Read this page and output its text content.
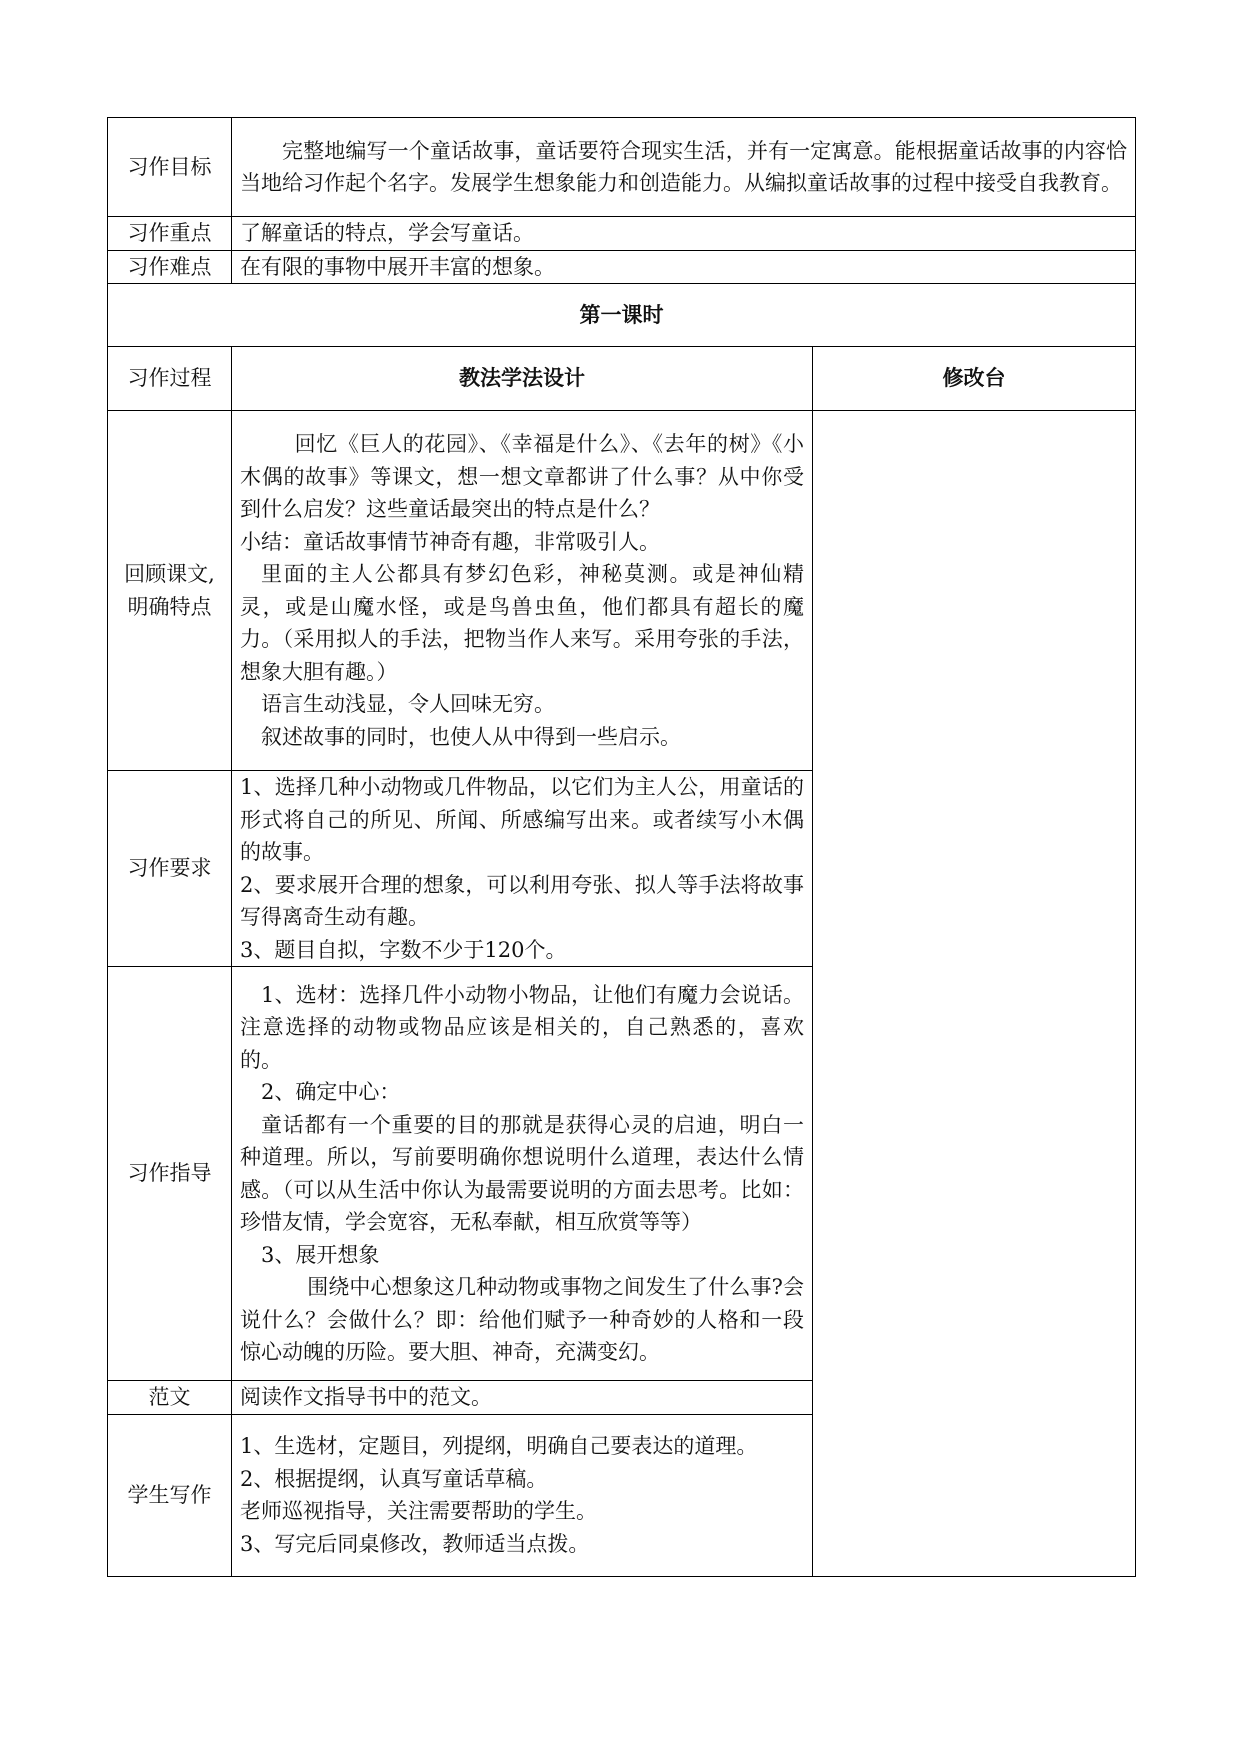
习作目标	完整地编写一个童话故事，童话要符合现实生活，并有一定寓意。能根据童话故事的内容恰当地给习作起个名字。发展学生想象能力和创造能力。从编拟童话故事的过程中接受自我教育。	

习作重点	了解童话的特点，学会写童话。	
习作难点	在有限的事物中展开丰富的想象。	
第一课时		
习作过程	教法学法设计	修改台
回顾课文,明确特点	回忆《巨人的花园》、《幸福是什么》、《去年的树》《小木偶的故事》等课文，想一想文章都讲了什么事？从中你受到什么启发？这些童话最突出的特点是什么？

小结：童话故事情节神奇有趣，非常吸引人。

里面的主人公都具有梦幻色彩，神秘莫测。或是神仙精灵，或是山魔水怪，或是鸟兽虫鱼，他们都具有超长的魔力。（采用拟人的手法，把物当作人来写。采用夸张的手法，想象大胆有趣。）

语言生动浅显，令人回味无穷。

叙述故事的同时，也使人从中得到一些启示。	

习作要求	1、选择几种小动物或几件物品，以它们为主人公，用童话的形式将自己的所见、所闻、所感编写出来。或者续写小木偶的故事。

2、要求展开合理的想象，可以利用夸张、拟人等手法将故事写得离奇生动有趣。

3、题目自拟，字数不少于120个。	

习作指导	1、选材：选择几件小动物小物品，让他们有魔力会说话。注意选择的动物或物品应该是相关的，自己熟悉的，喜欢的。

2、确定中心：

童话都有一个重要的目的那就是获得心灵的启迪，明白一种道理。所以，写前要明确你想说明什么道理，表达什么情感。（可以从生活中你认为最需要说明的方面去思考。比如：珍惜友情，学会宽容，无私奉献，相互欣赏等等）

3、展开想象

围绕中心想象这几种动物或事物之间发生了什么事?会说什么？会做什么？即：给他们赋予一种奇妙的人格和一段惊心动魄的历险。要大胆、神奇，充满变幻。	

范文	阅读作文指导书中的范文。	
学生写作	1、生选材，定题目，列提纲，明确自己要表达的道理。

2、根据提纲，认真写童话草稿。

老师巡视指导，关注需要帮助的学生。

3、写完后同桌修改，教师适当点拨。	
